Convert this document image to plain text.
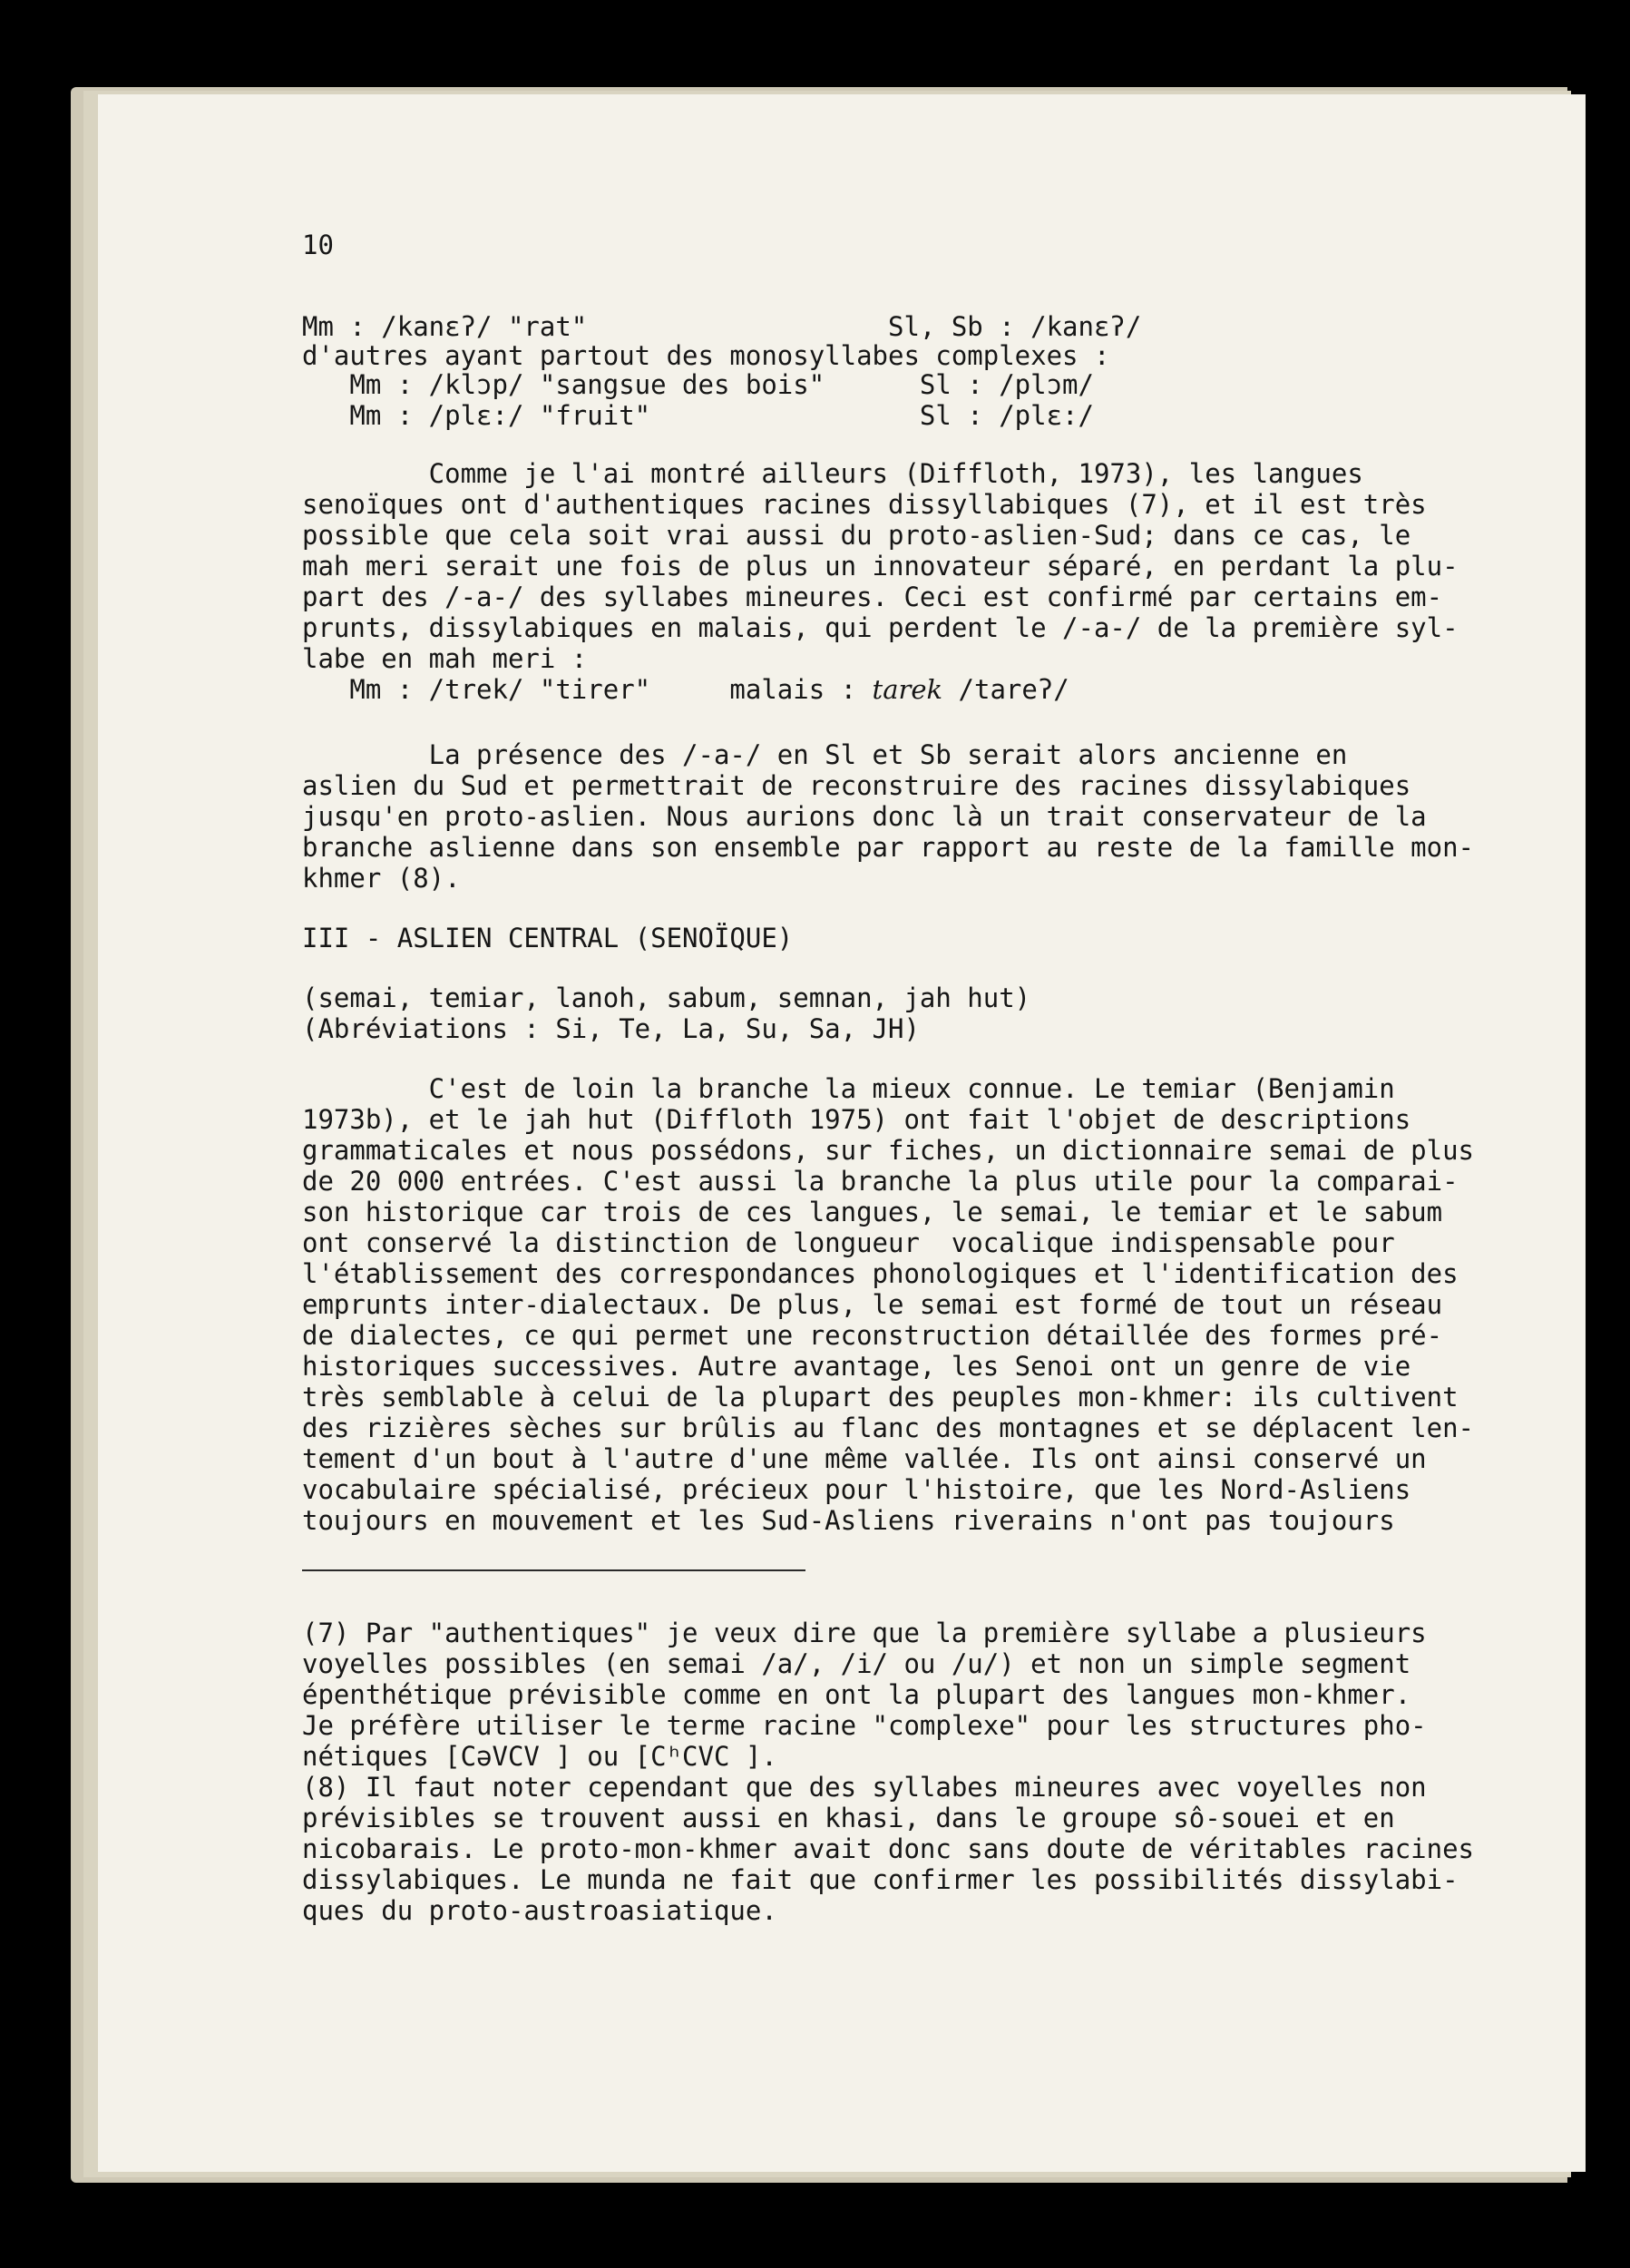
10
Mm : /kanɛʔ/ "rat"                   Sl, Sb : /kanɛʔ/
d'autres ayant partout des monosyllabes complexes :
Mm : /klɔp/ "sangsue des bois"      Sl : /plɔm/
Mm : /plɛ:/ "fruit"                 Sl : /plɛ:/
Comme je l'ai montré ailleurs (Diffloth, 1973), les langues
senoïques ont d'authentiques racines dissyllabiques (7), et il est très
possible que cela soit vrai aussi du proto-aslien-Sud; dans ce cas, le
mah meri serait une fois de plus un innovateur séparé, en perdant la plu-
part des /-a-/ des syllabes mineures. Ceci est confirmé par certains em-
prunts, dissylabiques en malais, qui perdent le /-a-/ de la première syl-
labe en mah meri :
Mm : /trek/ "tirer"     malais : tarek /tareʔ/
La présence des /-a-/ en Sl et Sb serait alors ancienne en
aslien du Sud et permettrait de reconstruire des racines dissylabiques
jusqu'en proto-aslien. Nous aurions donc là un trait conservateur de la
branche aslienne dans son ensemble par rapport au reste de la famille mon-
khmer (8).
III - ASLIEN CENTRAL (SENOÏQUE)
(semai, temiar, lanoh, sabum, semnan, jah hut)
(Abréviations : Si, Te, La, Su, Sa, JH)
C'est de loin la branche la mieux connue. Le temiar (Benjamin
1973b), et le jah hut (Diffloth 1975) ont fait l'objet de descriptions
grammaticales et nous possédons, sur fiches, un dictionnaire semai de plus
de 20 000 entrées. C'est aussi la branche la plus utile pour la comparai-
son historique car trois de ces langues, le semai, le temiar et le sabum
ont conservé la distinction de longueur  vocalique indispensable pour
l'établissement des correspondances phonologiques et l'identification des
emprunts inter-dialectaux. De plus, le semai est formé de tout un réseau
de dialectes, ce qui permet une reconstruction détaillée des formes pré-
historiques successives. Autre avantage, les Senoi ont un genre de vie
très semblable à celui de la plupart des peuples mon-khmer: ils cultivent
des rizières sèches sur brûlis au flanc des montagnes et se déplacent len-
tement d'un bout à l'autre d'une même vallée. Ils ont ainsi conservé un
vocabulaire spécialisé, précieux pour l'histoire, que les Nord-Asliens
toujours en mouvement et les Sud-Asliens riverains n'ont pas toujours
(7) Par "authentiques" je veux dire que la première syllabe a plusieurs
voyelles possibles (en semai /a/, /i/ ou /u/) et non un simple segment
épenthétique prévisible comme en ont la plupart des langues mon-khmer.
Je préfère utiliser le terme racine "complexe" pour les structures pho-
nétiques [CəVCV ] ou [CʰCVC ].
(8) Il faut noter cependant que des syllabes mineures avec voyelles non
prévisibles se trouvent aussi en khasi, dans le groupe sô-souei et en
nicobarais. Le proto-mon-khmer avait donc sans doute de véritables racines
dissylabiques. Le munda ne fait que confirmer les possibilités dissylabi-
ques du proto-austroasiatique.
